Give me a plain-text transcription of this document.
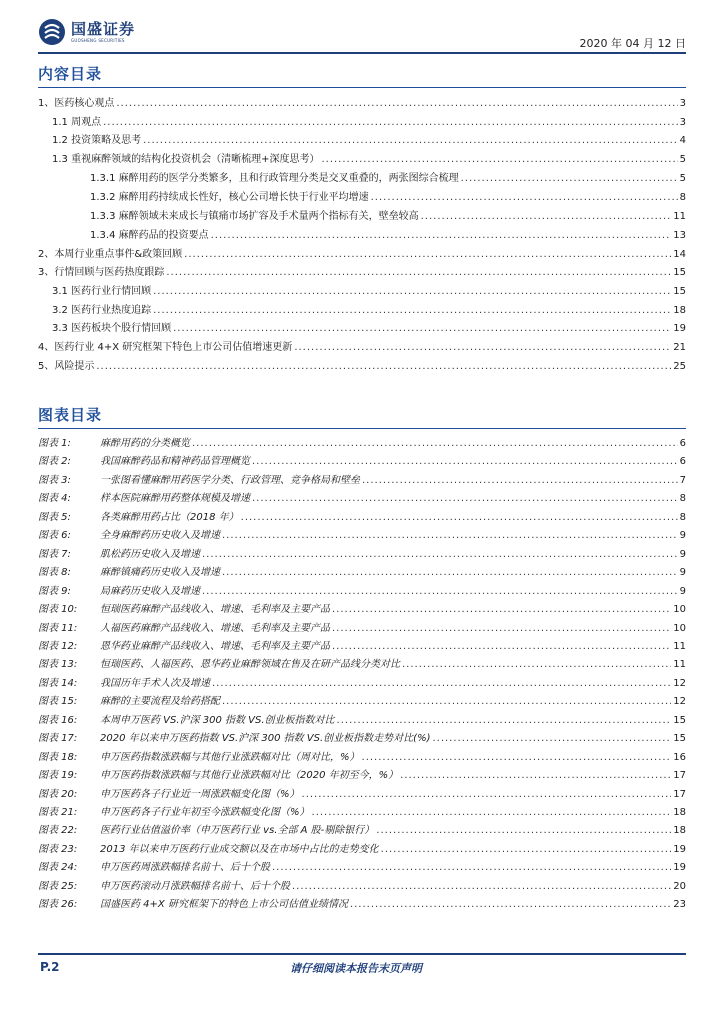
国盛证券
GUOSHENG SECURITIES	2020 年 04 月 12 日
内容目录
1、医药核心观点 .....	3
1.1 周观点 .....	3
1.2 投资策略及思考 .....	4
1.3 重视麻醉领域的结构化投资机会（清晰梳理+深度思考） .....	5
1.3.1 麻醉用药的医学分类繁多，且和行政管理分类是交叉重叠的，两张图综合梳理 .....	5
1.3.2 麻醉用药持续成长性好，核心公司增长快于行业平均增速 .....	8
1.3.3 麻醉领域未来成长与镇痛市场扩容及手术量两个指标有关，壁垒较高 .....	11
1.3.4 麻醉药品的投资要点 .....	13
2、本周行业重点事件&政策回顾 .....	14
3、行情回顾与医药热度跟踪 .....	15
3.1 医药行业行情回顾 .....	15
3.2 医药行业热度追踪 .....	18
3.3 医药板块个股行情回顾 .....	19
4、医药行业 4+X 研究框架下特色上市公司估值增速更新 .....	21
5、风险提示 .....	25
图表目录
图表 1:	麻醉用药的分类概览 .....	6
图表 2:	我国麻醉药品和精神药品管理概览 .....	6
图表 3:	一张图看懂麻醉用药医学分类、行政管理、竞争格局和壁垒 .....	7
图表 4:	样本医院麻醉用药整体规模及增速 .....	8
图表 5:	各类麻醉用药占比（2018 年） .....	8
图表 6:	全身麻醉药历史收入及增速 .....	9
图表 7:	肌松药历史收入及增速 .....	9
图表 8:	麻醉镇痛药历史收入及增速 .....	9
图表 9:	局麻药历史收入及增速 .....	9
图表 10:	恒瑞医药麻醉产品线收入、增速、毛利率及主要产品 .....	10
图表 11:	人福医药麻醉产品线收入、增速、毛利率及主要产品 .....	10
图表 12:	恩华药业麻醉产品线收入、增速、毛利率及主要产品 .....	11
图表 13:	恒瑞医药、人福医药、恩华药业麻醉领域在售及在研产品线分类对比 .....	11
图表 14:	我国历年手术人次及增速 .....	12
图表 15:	麻醉的主要流程及给药搭配 .....	12
图表 16:	本周申万医药 VS.沪深 300 指数 VS.创业板指数对比 .....	15
图表 17:	2020 年以来申万医药指数 VS.沪深 300 指数 VS.创业板指数走势对比(%) .....	15
图表 18:	申万医药指数涨跌幅与其他行业涨跌幅对比（周对比，%） .....	16
图表 19:	申万医药指数涨跌幅与其他行业涨跌幅对比（2020 年初至今，%） .....	17
图表 20:	申万医药各子行业近一周涨跌幅变化图（%） .....	17
图表 21:	申万医药各子行业年初至今涨跌幅变化图（%） .....	18
图表 22:	医药行业估值溢价率（申万医药行业 vs.全部 A 股-剔除银行） .....	18
图表 23:	2013 年以来申万医药行业成交额以及在市场中占比的走势变化 .....	19
图表 24:	申万医药周涨跌幅排名前十、后十个股 .....	19
图表 25:	申万医药滚动月涨跌幅排名前十、后十个股 .....	20
图表 26:	国盛医药 4+X 研究框架下的特色上市公司估值业绩情况 .....	23
P.2	请仔细阅读本报告末页声明
